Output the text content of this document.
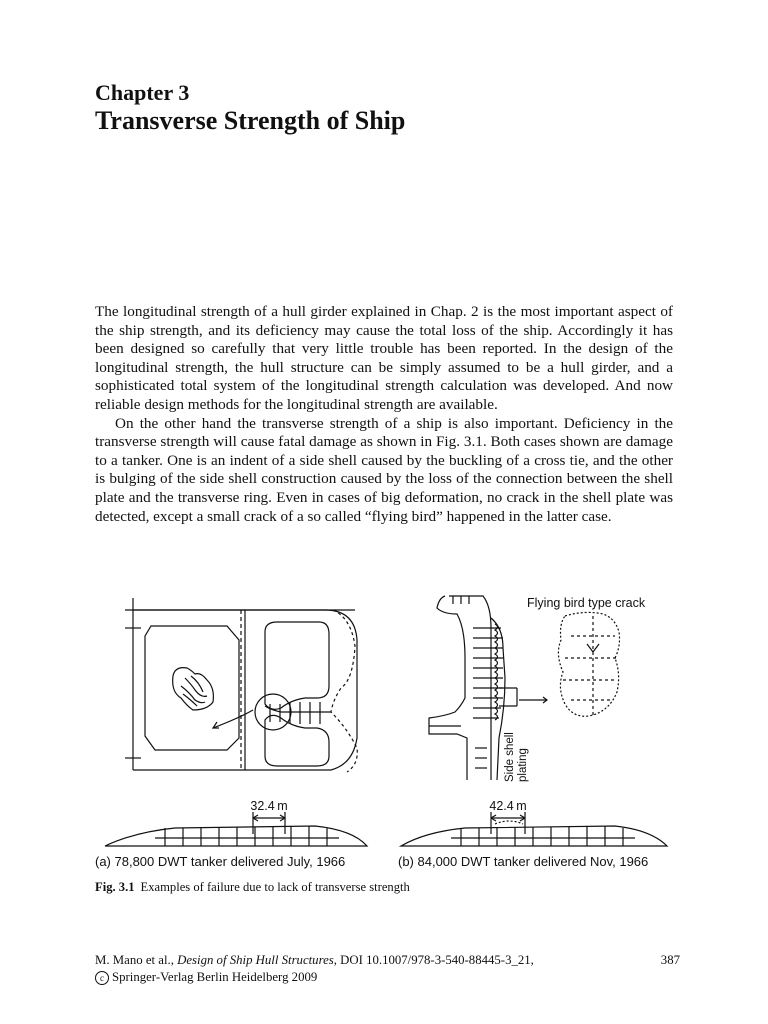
Chapter 3
Transverse Strength of Ship

The longitudinal strength of a hull girder explained in Chap. 2 is the most important aspect of the ship strength, and its deficiency may cause the total loss of the ship. Accordingly it has been designed so carefully that very little trouble has been reported. In the design of the longitudinal strength, the hull structure can be simply assumed to be a hull girder, and a sophisticated total system of the longitudinal strength calculation was developed. And now reliable design methods for the longitudinal strength are available.

On the other hand the transverse strength of a ship is also important. Deficiency in the transverse strength will cause fatal damage as shown in Fig. 3.1. Both cases shown are damage to a tanker. One is an indent of a side shell caused by the buckling of a cross tie, and the other is bulging of the side shell construction caused by the loss of the connection between the shell plate and the transverse ring. Even in cases of big deformation, no crack in the shell plate was detected, except a small crack of a so called “flying bird” happened in the latter case.

32.4 m	42.4 m
Flying bird type crack
Side shell plating
(a) 78,800 DWT tanker delivered July, 1966	(b) 84,000 DWT tanker delivered Nov, 1966

Fig. 3.1 Examples of failure due to lack of transverse strength

M. Mano et al., Design of Ship Hull Structures, DOI 10.1007/978-3-540-88445-3_21,
c Springer-Verlag Berlin Heidelberg 2009
387
